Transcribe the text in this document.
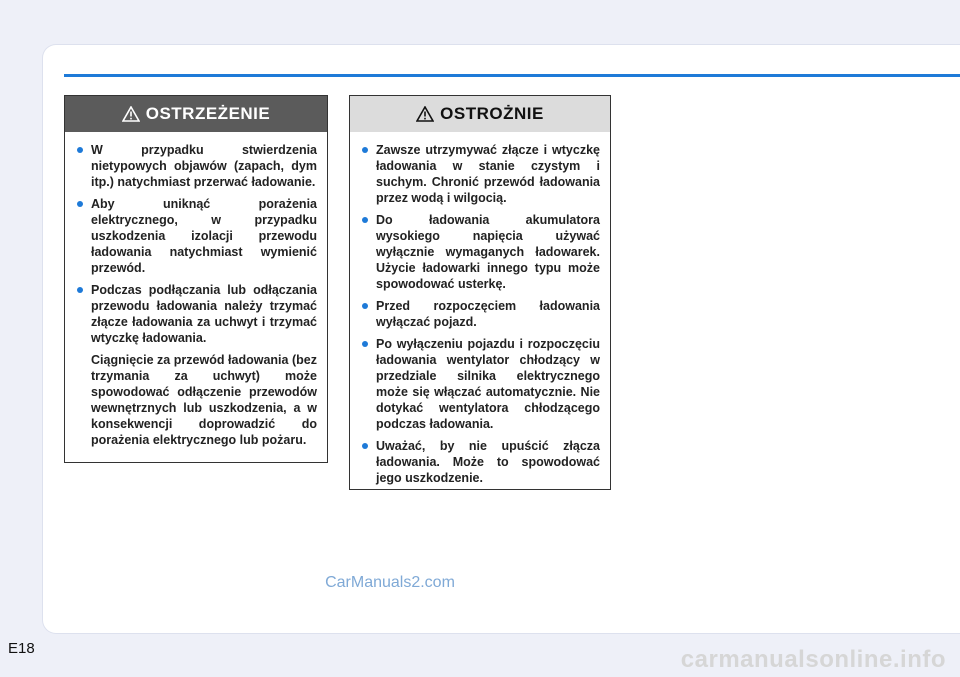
OSTRZEŻENIE
W przypadku stwierdzenia nietypowych objawów (zapach, dym itp.) natychmiast przerwać ładowanie.
Aby uniknąć porażenia elektrycznego, w przypadku uszkodzenia izolacji przewodu ładowania natychmiast wymienić przewód.
Podczas podłączania lub odłączania przewodu ładowania należy trzymać złącze ładowania za uchwyt i trzymać wtyczkę ładowania.
Ciągnięcie za przewód ładowania (bez trzymania za uchwyt) może spowodować odłączenie przewodów wewnętrznych lub uszkodzenia, a w konsekwencji doprowadzić do porażenia elektrycznego lub pożaru.
OSTROŻNIE
Zawsze utrzymywać złącze i wtyczkę ładowania w stanie czystym i suchym. Chronić przewód ładowania przez wodą i wilgocią.
Do ładowania akumulatora wysokiego napięcia używać wyłącznie wymaganych ładowarek. Użycie ładowarki innego typu może spowodować usterkę.
Przed rozpoczęciem ładowania wyłączać pojazd.
Po wyłączeniu pojazdu i rozpoczęciu ładowania wentylator chłodzący w przedziale silnika elektrycznego może się włączać automatycznie. Nie dotykać wentylatora chłodzącego podczas ładowania.
Uważać, by nie upuścić złącza ładowania. Może to spowodować jego uszkodzenie.
CarManuals2.com
E18	carmanualsonline.info
